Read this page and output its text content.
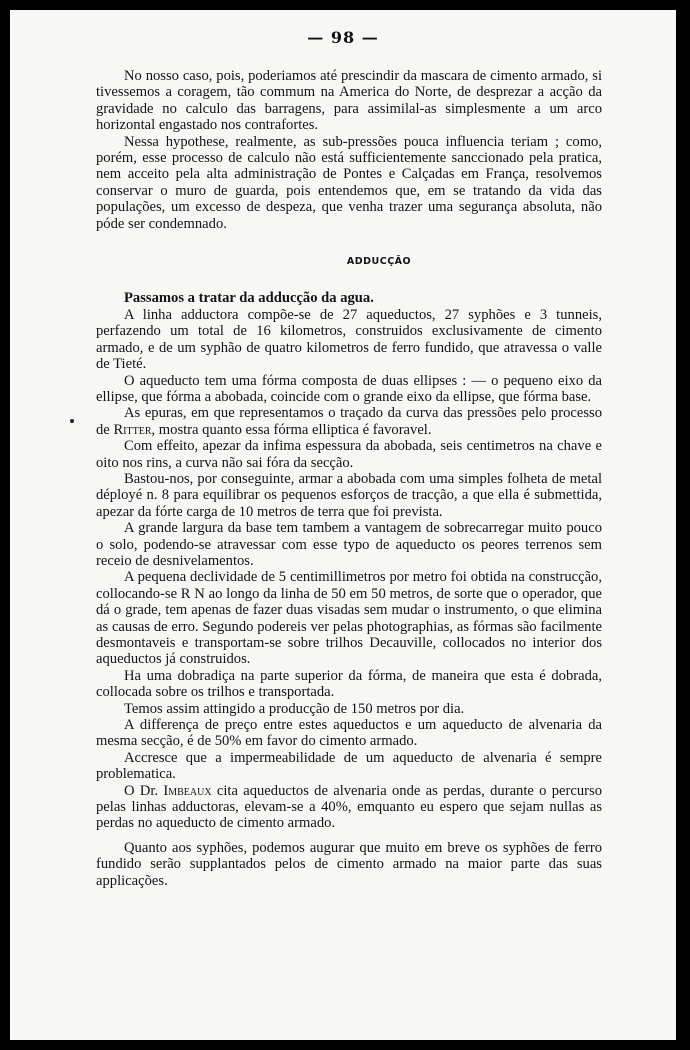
— 98 —

No nosso caso, pois, poderiamos até prescindir da mascara de cimento armado, si tivessemos a coragem, tão commum na America do Norte, de desprezar a acção da gravidade no calculo das barragens, para assimilal-as simplesmente a um arco horizontal engastado nos contrafortes.

Nessa hypothese, realmente, as sub-pressões pouca influencia teriam ; como, porém, esse processo de calculo não está sufficientemente sanccionado pela pratica, nem acceito pela alta administração de Pontes e Calçadas em França, resolvemos conservar o muro de guarda, pois entendemos que, em se tratando da vida das populações, um excesso de despeza, que venha trazer uma segurança absoluta, não póde ser condemnado.

ADDUCÇÃO

Passamos a tratar da adducção da agua.

A linha adductora compõe-se de 27 aqueductos, 27 syphões e 3 tunneis, perfazendo um total de 16 kilometros, construidos exclusivamente de cimento armado, e de um syphão de quatro kilometros de ferro fundido, que atravessa o valle de Tieté.

O aqueducto tem uma fórma composta de duas ellipses : — o pequeno eixo da ellipse, que fórma a abobada, coincide com o grande eixo da ellipse, que fórma base.

As epuras, em que representamos o traçado da curva das pressões pelo processo de Ritter, mostra quanto essa fórma elliptica é favoravel.

Com effeito, apezar da infima espessura da abobada, seis centimetros na chave e oito nos rins, a curva não sai fóra da secção.

Bastou-nos, por conseguinte, armar a abobada com uma simples folheta de metal déployé n. 8 para equilibrar os pequenos esforços de tracção, a que ella é submettida, apezar da fórte carga de 10 metros de terra que foi prevista.

A grande largura da base tem tambem a vantagem de sobrecarregar muito pouco o solo, podendo-se atravessar com esse typo de aqueducto os peores terrenos sem receio de desnivelamentos.

A pequena declividade de 5 centimillimetros por metro foi obtida na construcção, collocando-se R N ao longo da linha de 50 em 50 metros, de sorte que o operador, que dá o grade, tem apenas de fazer duas visadas sem mudar o instrumento, o que elimina as causas de erro. Segundo podereis ver pelas photographias, as fórmas são facilmente desmontaveis e transportam-se sobre trilhos Decauville, collocados no interior dos aqueductos já construidos.

Ha uma dobradiça na parte superior da fórma, de maneira que esta é dobrada, collocada sobre os trilhos e transportada.

Temos assim attingido a producção de 150 metros por dia.

A differença de preço entre estes aqueductos e um aqueducto de alvenaria da mesma secção, é de 50% em favor do cimento armado.

Accresce que a impermeabilidade de um aqueducto de alvenaria é sempre problematica.

O Dr. Imbeaux cita aqueductos de alvenaria onde as perdas, durante o percurso pelas linhas adductoras, elevam-se a 40%, emquanto eu espero que sejam nullas as perdas no aqueducto de cimento armado.

Quanto aos syphões, podemos augurar que muito em breve os syphões de ferro fundido serão supplantados pelos de cimento armado na maior parte das suas applicações.
